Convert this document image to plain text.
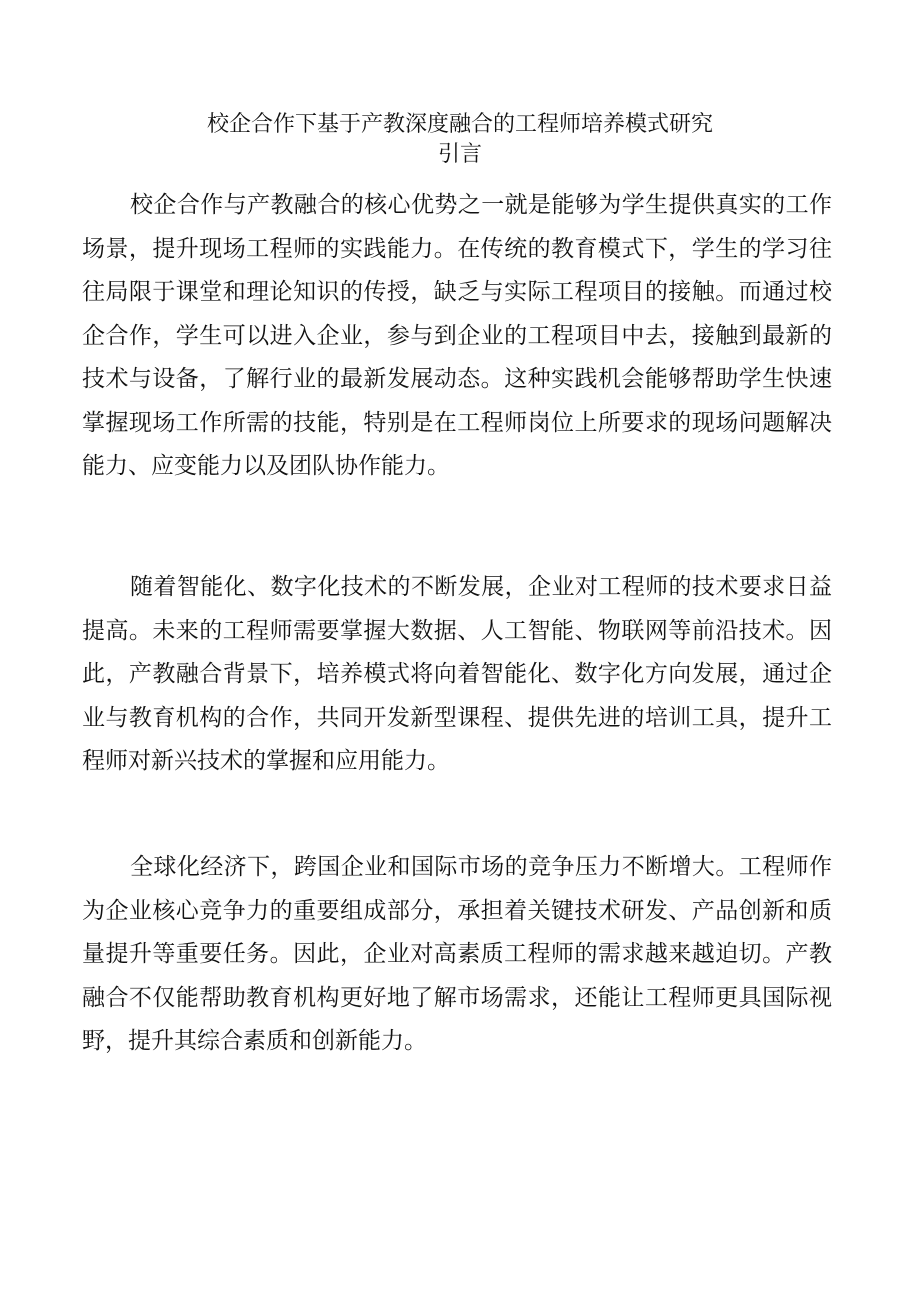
校企合作下基于产教深度融合的工程师培养模式研究
引言

校企合作与产教融合的核心优势之一就是能够为学生提供真实的工作场景，提升现场工程师的实践能力。在传统的教育模式下，学生的学习往往局限于课堂和理论知识的传授，缺乏与实际工程项目的接触。而通过校企合作，学生可以进入企业，参与到企业的工程项目中去，接触到最新的技术与设备，了解行业的最新发展动态。这种实践机会能够帮助学生快速掌握现场工作所需的技能，特别是在工程师岗位上所要求的现场问题解决能力、应变能力以及团队协作能力。

随着智能化、数字化技术的不断发展，企业对工程师的技术要求日益提高。未来的工程师需要掌握大数据、人工智能、物联网等前沿技术。因此，产教融合背景下，培养模式将向着智能化、数字化方向发展，通过企业与教育机构的合作，共同开发新型课程、提供先进的培训工具，提升工程师对新兴技术的掌握和应用能力。

全球化经济下，跨国企业和国际市场的竞争压力不断增大。工程师作为企业核心竞争力的重要组成部分，承担着关键技术研发、产品创新和质量提升等重要任务。因此，企业对高素质工程师的需求越来越迫切。产教融合不仅能帮助教育机构更好地了解市场需求，还能让工程师更具国际视野，提升其综合素质和创新能力。
